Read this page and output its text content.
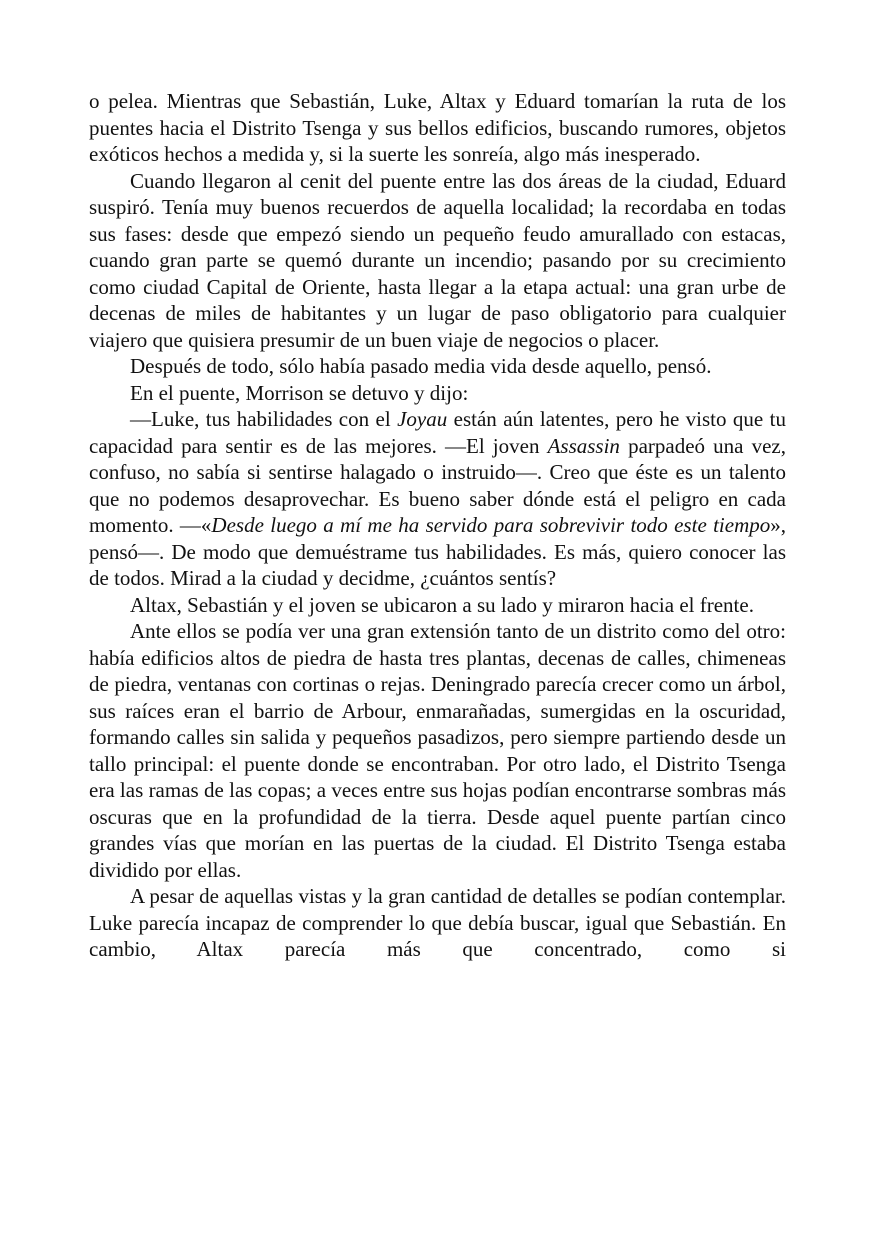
o pelea. Mientras que Sebastián, Luke, Altax y Eduard tomarían la ruta de los puentes hacia el Distrito Tsenga y sus bellos edificios, buscando rumores, objetos exóticos hechos a medida y, si la suerte les sonreía, algo más inesperado.

Cuando llegaron al cenit del puente entre las dos áreas de la ciudad, Eduard suspiró. Tenía muy buenos recuerdos de aquella localidad; la recordaba en todas sus fases: desde que empezó siendo un pequeño feudo amurallado con estacas, cuando gran parte se quemó durante un incendio; pasando por su crecimiento como ciudad Capital de Oriente, hasta llegar a la etapa actual: una gran urbe de decenas de miles de habitantes y un lugar de paso obligatorio para cualquier viajero que quisiera presumir de un buen viaje de negocios o placer.

Después de todo, sólo había pasado media vida desde aquello, pensó.

En el puente, Morrison se detuvo y dijo:

—Luke, tus habilidades con el Joyau están aún latentes, pero he visto que tu capacidad para sentir es de las mejores. —El joven Assassin parpadeó una vez, confuso, no sabía si sentirse halagado o instruido—. Creo que éste es un talento que no podemos desaprovechar. Es bueno saber dónde está el peligro en cada momento. —«Desde luego a mí me ha servido para sobrevivir todo este tiempo», pensó—. De modo que demuéstrame tus habilidades. Es más, quiero conocer las de todos. Mirad a la ciudad y decidme, ¿cuántos sentís?

Altax, Sebastián y el joven se ubicaron a su lado y miraron hacia el frente.

Ante ellos se podía ver una gran extensión tanto de un distrito como del otro: había edificios altos de piedra de hasta tres plantas, decenas de calles, chimeneas de piedra, ventanas con cortinas o rejas. Deningrado parecía crecer como un árbol, sus raíces eran el barrio de Arbour, enmarañadas, sumergidas en la oscuridad, formando calles sin salida y pequeños pasadizos, pero siempre partiendo desde un tallo principal: el puente donde se encontraban. Por otro lado, el Distrito Tsenga era las ramas de las copas; a veces entre sus hojas podían encontrarse sombras más oscuras que en la profundidad de la tierra. Desde aquel puente partían cinco grandes vías que morían en las puertas de la ciudad. El Distrito Tsenga estaba dividido por ellas.

A pesar de aquellas vistas y la gran cantidad de detalles se podían contemplar. Luke parecía incapaz de comprender lo que debía buscar, igual que Sebastián. En cambio, Altax parecía más que concentrado, como si
